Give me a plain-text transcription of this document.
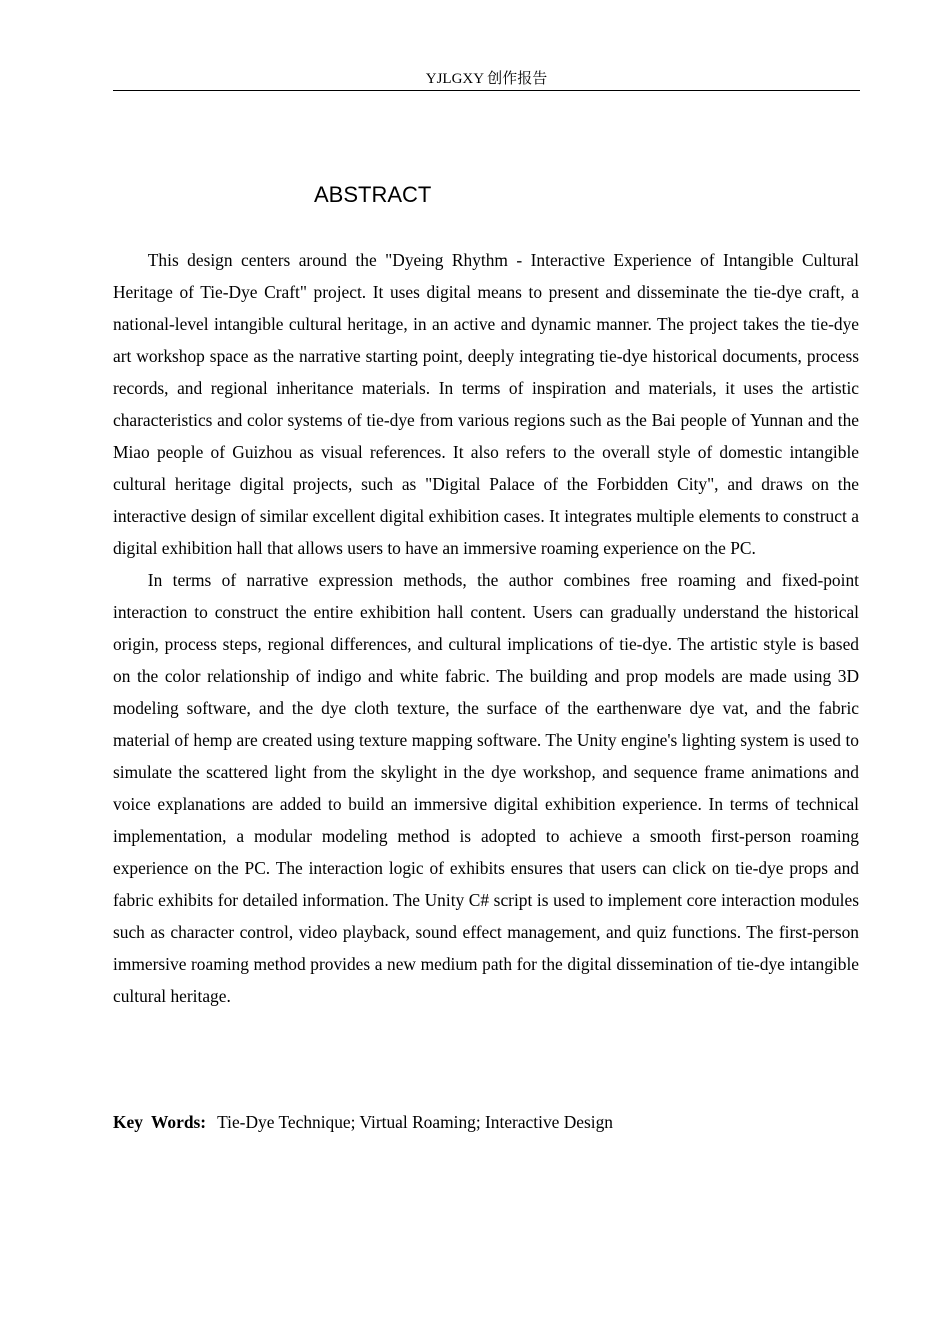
YJLGXY 创作报告
ABSTRACT

This design centers around the "Dyeing Rhythm - Interactive Experience of Intangible Cultural Heritage of Tie-Dye Craft" project. It uses digital means to present and disseminate the tie-dye craft, a national-level intangible cultural heritage, in an active and dynamic manner. The project takes the tie-dye art workshop space as the narrative starting point, deeply integrating tie-dye historical documents, process records, and regional inheritance materials. In terms of inspiration and materials, it uses the artistic characteristics and color systems of tie-dye from various regions such as the Bai people of Yunnan and the Miao people of Guizhou as visual references. It also refers to the overall style of domestic intangible cultural heritage digital projects, such as "Digital Palace of the Forbidden City", and draws on the interactive design of similar excellent digital exhibition cases. It integrates multiple elements to construct a digital exhibition hall that allows users to have an immersive roaming experience on the PC.

In terms of narrative expression methods, the author combines free roaming and fixed-point interaction to construct the entire exhibition hall content. Users can gradually understand the historical origin, process steps, regional differences, and cultural implications of tie-dye. The artistic style is based on the color relationship of indigo and white fabric. The building and prop models are made using 3D modeling software, and the dye cloth texture, the surface of the earthenware dye vat, and the fabric material of hemp are created using texture mapping software. The Unity engine's lighting system is used to simulate the scattered light from the skylight in the dye workshop, and sequence frame animations and voice explanations are added to build an immersive digital exhibition experience. In terms of technical implementation, a modular modeling method is adopted to achieve a smooth first-person roaming experience on the PC. The interaction logic of exhibits ensures that users can click on tie-dye props and fabric exhibits for detailed information. The Unity C# script is used to implement core interaction modules such as character control, video playback, sound effect management, and quiz functions. The first-person immersive roaming method provides a new medium path for the digital dissemination of tie-dye intangible cultural heritage.

Key Words: Tie-Dye Technique; Virtual Roaming; Interactive Design
